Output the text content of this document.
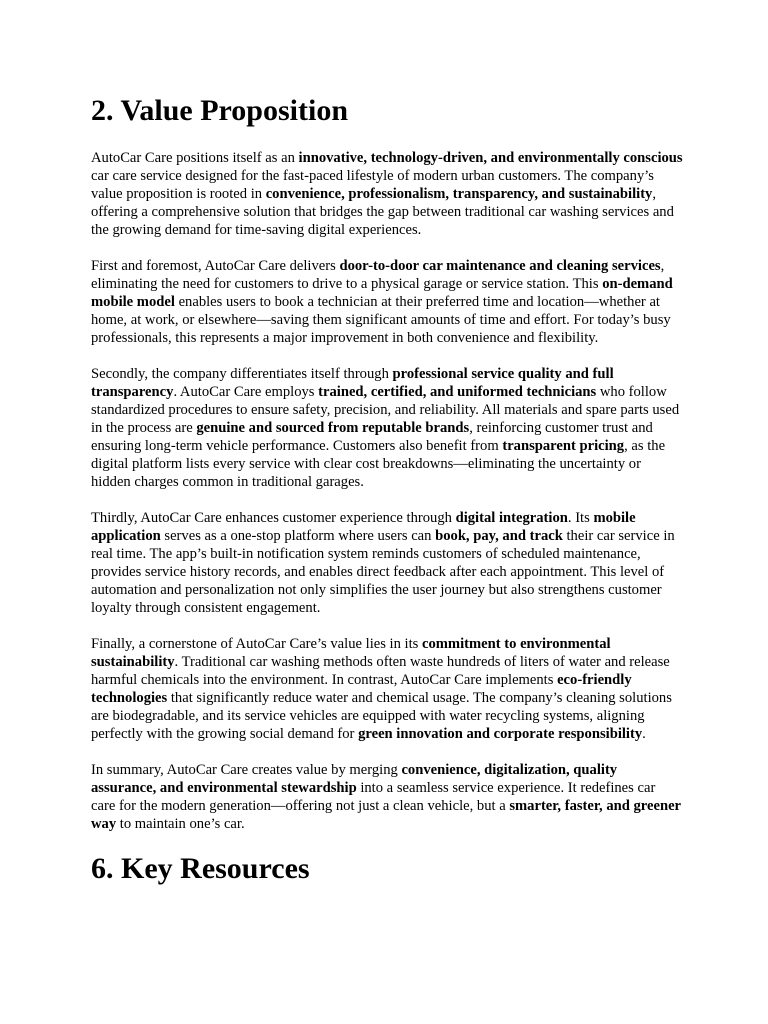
2. Value Proposition

AutoCar Care positions itself as an innovative, technology-driven, and environmentally conscious car care service designed for the fast-paced lifestyle of modern urban customers. The company’s value proposition is rooted in convenience, professionalism, transparency, and sustainability, offering a comprehensive solution that bridges the gap between traditional car washing services and the growing demand for time-saving digital experiences.

First and foremost, AutoCar Care delivers door-to-door car maintenance and cleaning services, eliminating the need for customers to drive to a physical garage or service station. This on-demand mobile model enables users to book a technician at their preferred time and location—whether at home, at work, or elsewhere—saving them significant amounts of time and effort. For today’s busy professionals, this represents a major improvement in both convenience and flexibility.

Secondly, the company differentiates itself through professional service quality and full transparency. AutoCar Care employs trained, certified, and uniformed technicians who follow standardized procedures to ensure safety, precision, and reliability. All materials and spare parts used in the process are genuine and sourced from reputable brands, reinforcing customer trust and ensuring long-term vehicle performance. Customers also benefit from transparent pricing, as the digital platform lists every service with clear cost breakdowns—eliminating the uncertainty or hidden charges common in traditional garages.

Thirdly, AutoCar Care enhances customer experience through digital integration. Its mobile application serves as a one-stop platform where users can book, pay, and track their car service in real time. The app’s built-in notification system reminds customers of scheduled maintenance, provides service history records, and enables direct feedback after each appointment. This level of automation and personalization not only simplifies the user journey but also strengthens customer loyalty through consistent engagement.

Finally, a cornerstone of AutoCar Care’s value lies in its commitment to environmental sustainability. Traditional car washing methods often waste hundreds of liters of water and release harmful chemicals into the environment. In contrast, AutoCar Care implements eco-friendly technologies that significantly reduce water and chemical usage. The company’s cleaning solutions are biodegradable, and its service vehicles are equipped with water recycling systems, aligning perfectly with the growing social demand for green innovation and corporate responsibility.

In summary, AutoCar Care creates value by merging convenience, digitalization, quality assurance, and environmental stewardship into a seamless service experience. It redefines car care for the modern generation—offering not just a clean vehicle, but a smarter, faster, and greener way to maintain one’s car.

6. Key Resources
